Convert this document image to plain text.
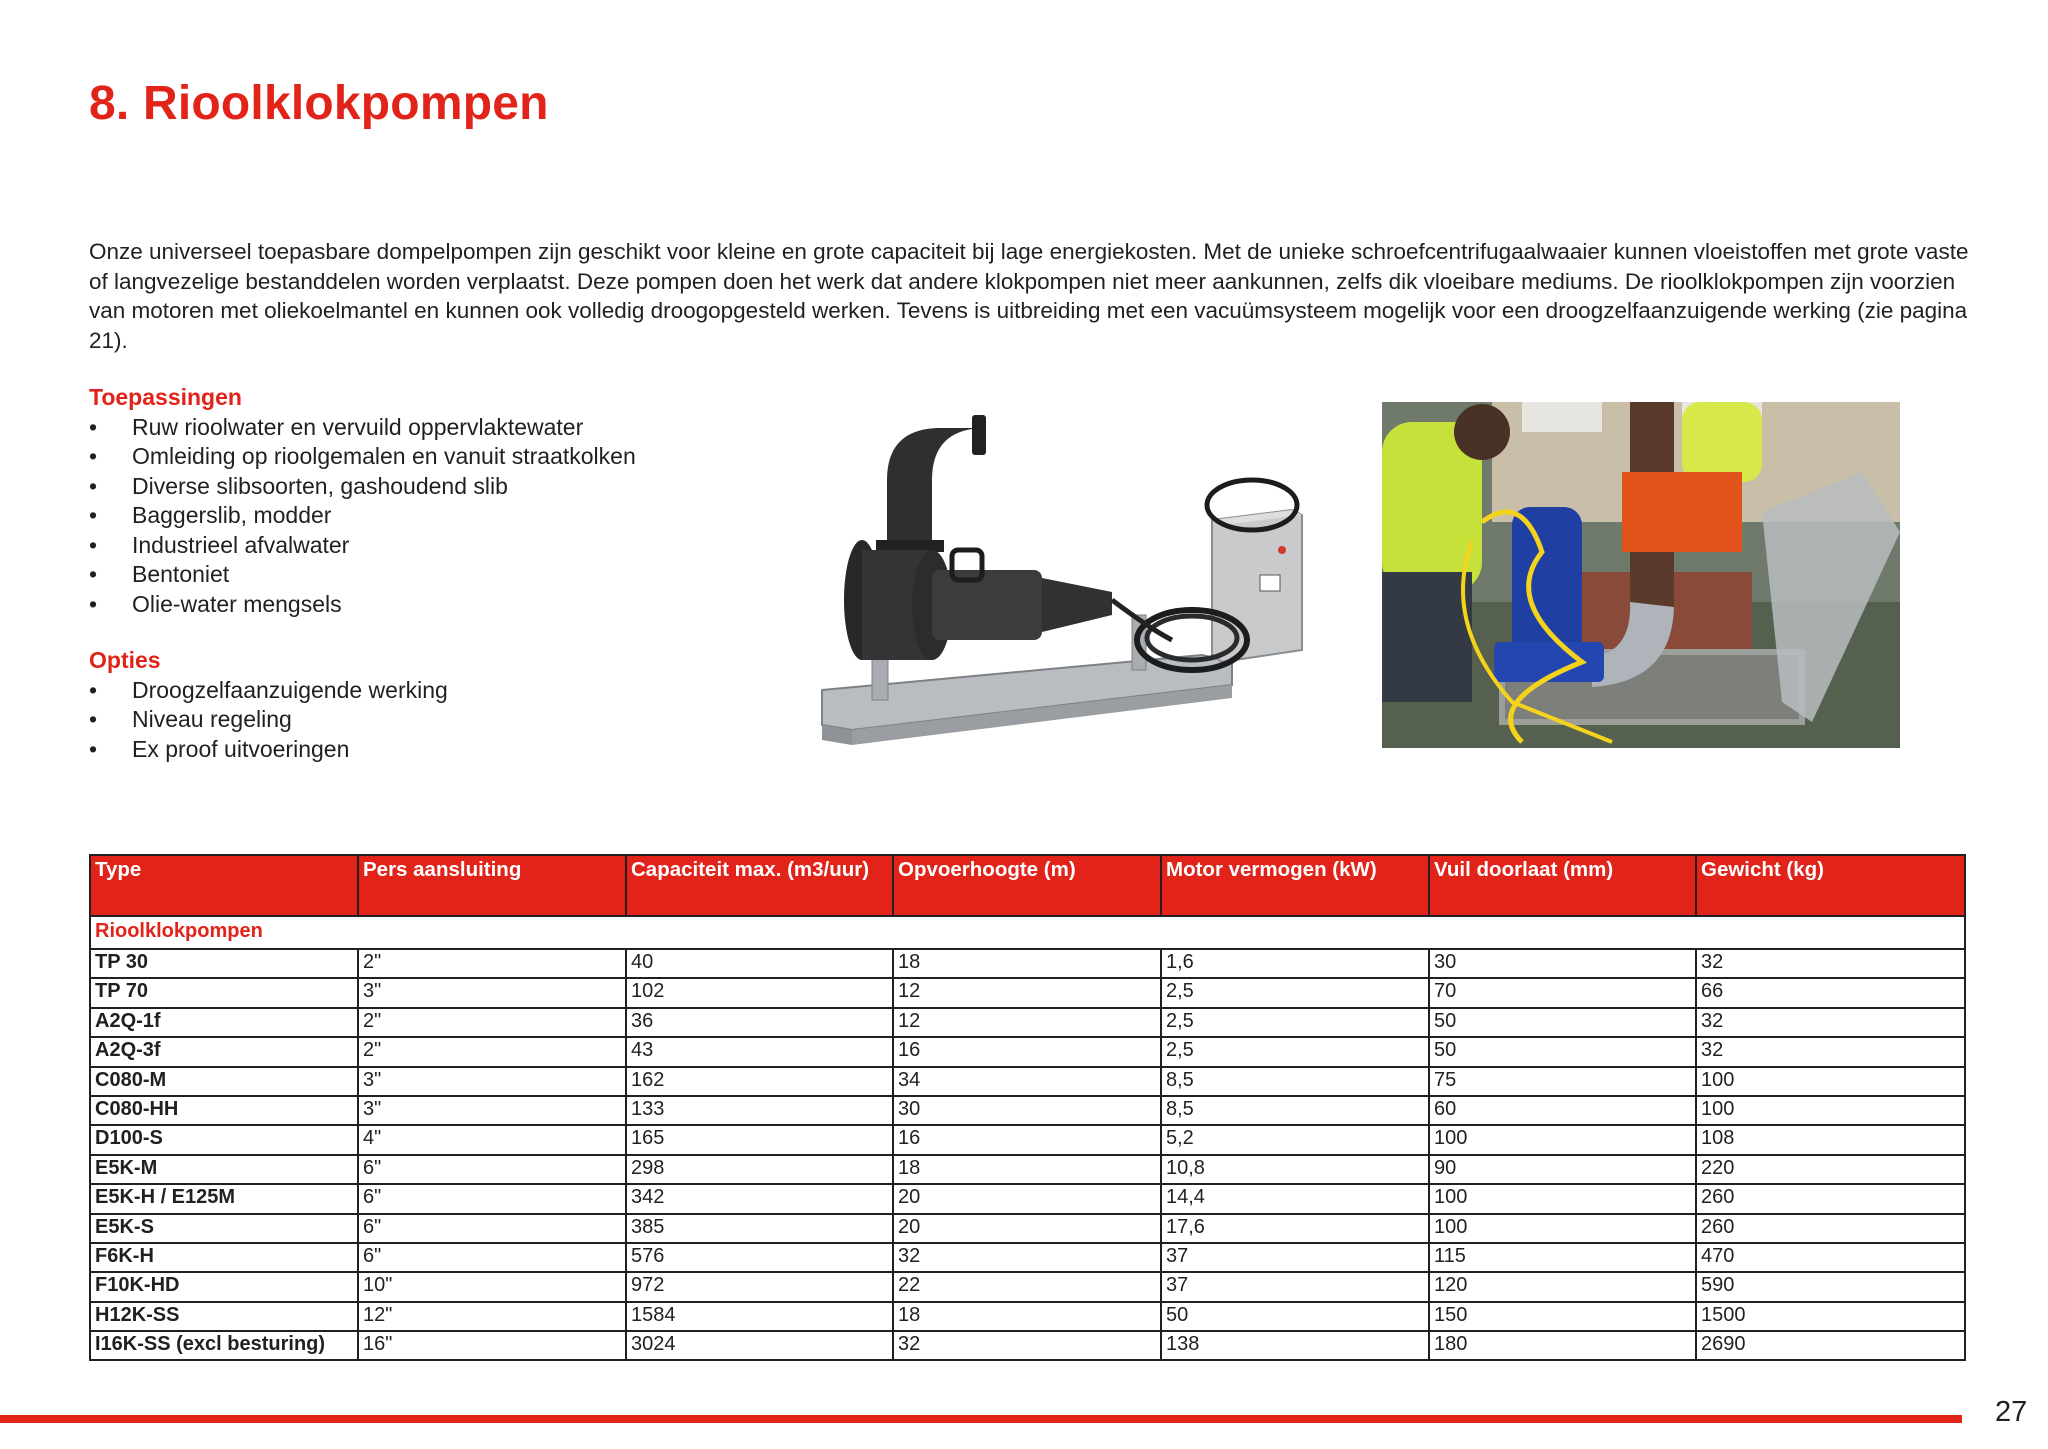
8. Rioolklokpompen

Onze universeel toepasbare dompelpompen zijn geschikt voor kleine en grote capaciteit bij lage energiekosten. Met de unieke schroefcentrifugaalwaaier kunnen vloeistoffen met grote vaste of langvezelige bestanddelen worden verplaatst. Deze pompen doen het werk dat andere klokpompen niet meer aankunnen, zelfs dik vloeibare mediums. De rioolklokpompen zijn voorzien van motoren met oliekoelmantel en kunnen ook volledig droogopgesteld werken. Tevens is uitbreiding met een vacuümsysteem mogelijk voor een droogzelfaanzuigende werking (zie pagina 21).

Toepassingen
• Ruw rioolwater en vervuild oppervlaktewater
• Omleiding op rioolgemalen en vanuit straatkolken
• Diverse slibsoorten, gashoudend slib
• Baggerslib, modder
• Industrieel afvalwater
• Bentoniet
• Olie-water mengsels
Opties
• Droogzelfaanzuigende werking
• Niveau regeling
• Ex proof uitvoeringen
Type	Pers aansluiting	Capaciteit max. (m3/uur)	Opvoerhoogte (m)	Motor vermogen (kW)	Vuil doorlaat (mm)	Gewicht (kg)
Rioolklokpompen						
TP 30	2"	40	18	1,6	30	32
TP 70	3"	102	12	2,5	70	66
A2Q-1f	2"	36	12	2,5	50	32
A2Q-3f	2"	43	16	2,5	50	32
C080-M	3"	162	34	8,5	75	100
C080-HH	3"	133	30	8,5	60	100
D100-S	4"	165	16	5,2	100	108
E5K-M	6"	298	18	10,8	90	220
E5K-H / E125M	6"	342	20	14,4	100	260
E5K-S	6"	385	20	17,6	100	260
F6K-H	6"	576	32	37	115	470
F10K-HD	10"	972	22	37	120	590
H12K-SS	12"	1584	18	50	150	1500
I16K-SS (excl besturing)	16"	3024	32	138	180	2690
27
